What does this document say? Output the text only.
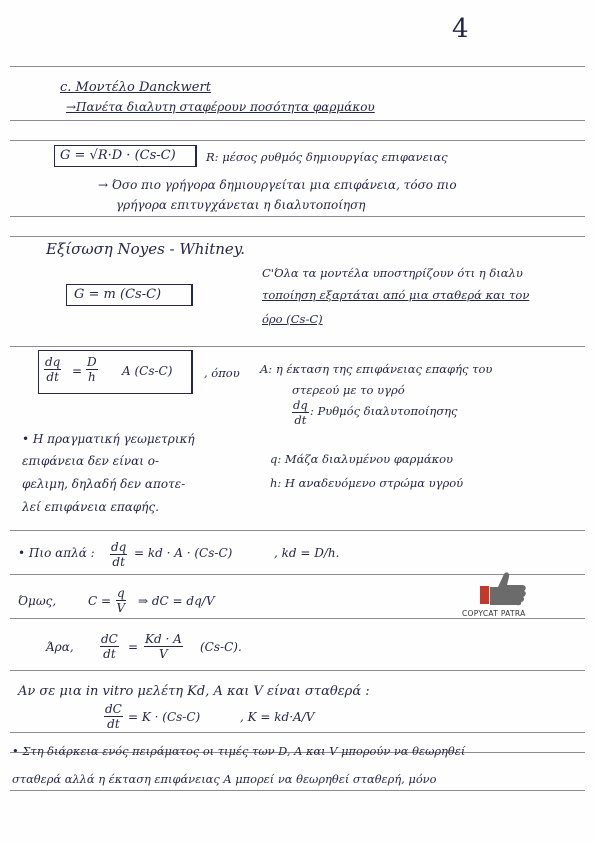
4
c. Μοντέλο Danckwert
→Πανέτα διαλυτη σταφέρουν ποσότητα φαρμάκου
G = √R·D · (Cs-C)	R: μέσος ρυθμός δημιουργίας επιφανειας
→ Όσο πιο γρήγορα δημιουργείται μια επιφάνεια, τόσο πιο
γρήγορα επιτυγχάνεται η διαλυτοποίηση
Εξίσωση Noyes - Whitney.
C'Όλα τα μοντέλα υποστηρίζουν ότι η διαλυ
τοποίηση εξαρτάται από μια σταθερά και τον
όρο (Cs-C)
G = m (Cs-C)
$\frac{dq}{dt} = \frac{D}{h}$ A (Cs-C)	, όπου A: η έκταση της επιφάνειας επαφής του
στερεού με το υγρό
$\frac{dq}{dt}$ : Ρυθμός διαλυτοποίησης
• Η πραγματική γεωμετρική
επιφάνεια δεν είναι ο-
φελιμη, δηλαδή δεν αποτε-
λεί επιφάνεια επαφής.
q: Μάζα διαλυμένου φαρμάκου
h: Η αναδευόμενο στρώμα υγρού
• Πιο απλά : $\frac{dq}{dt}$ = kd · A · (Cs-C)	, kd = D/h.
Όμως,	$C = \frac{q}{V}$ ⇒ dC = dq/V
Άρα, $\frac{dC}{dt} = \frac{Kd \cdot A}{V} (Cs-C)$.
Αν σε μια in vitro μελέτη Kd, A και V είναι σταθερά :
$\frac{dC}{dt} = K \cdot (Cs-C)$	, K = kd·A/V
• Στη διάρκεια ενός πειράματος οι τιμές των D, A και V μπορούν να θεωρηθεί
σταθερά αλλά η έκταση επιφάνειας A μπορεί να θεωρηθεί σταθερή, μόνο
COPYCAT PATRA
